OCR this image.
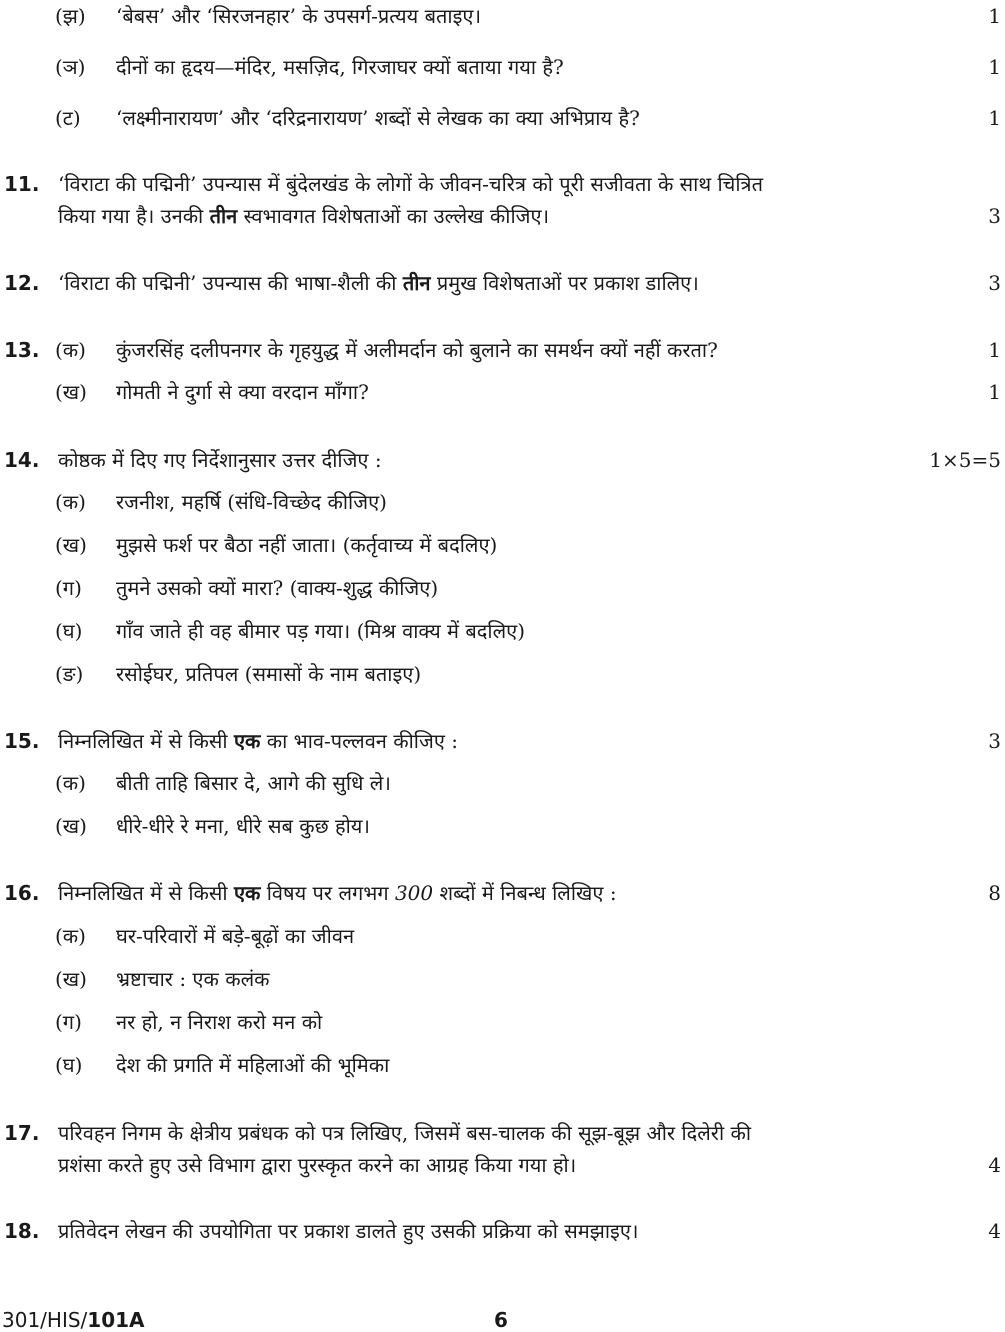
(झ)	‘बेबस’ और ‘सिरजनहार’ के उपसर्ग-प्रत्यय बताइए।	1
(ञ)	दीनों का हृदय—मंदिर, मसज़िद, गिरजाघर क्यों बताया गया है?	1
(ट)	‘लक्ष्मीनारायण’ और ‘दरिद्रनारायण’ शब्दों से लेखक का क्या अभिप्राय है?	1
11. ‘विराटा की पद्मिनी’ उपन्यास में बुंदेलखंड के लोगों के जीवन-चरित्र को पूरी सजीवता के साथ चित्रित
किया गया है। उनकी तीन स्वभावगत विशेषताओं का उल्लेख कीजिए।	3
12. ‘विराटा की पद्मिनी’ उपन्यास की भाषा-शैली की तीन प्रमुख विशेषताओं पर प्रकाश डालिए।	3
13. (क)	कुंजरसिंह दलीपनगर के गृहयुद्ध में अलीमर्दान को बुलाने का समर्थन क्यों नहीं करता?	1
(ख)	गोमती ने दुर्गा से क्या वरदान माँगा?	1
14. कोष्ठक में दिए गए निर्देशानुसार उत्तर दीजिए :	1×5=5
(क)	रजनीश, महर्षि (संधि-विच्छेद कीजिए)
(ख)	मुझसे फर्श पर बैठा नहीं जाता। (कर्तृवाच्य में बदलिए)
(ग)	तुमने उसको क्यों मारा? (वाक्य-शुद्ध कीजिए)
(घ)	गाँव जाते ही वह बीमार पड़ गया। (मिश्र वाक्य में बदलिए)
(ङ)	रसोईघर, प्रतिपल (समासों के नाम बताइए)
15. निम्नलिखित में से किसी एक का भाव-पल्लवन कीजिए :	3
(क)	बीती ताहि बिसार दे, आगे की सुधि ले।
(ख)	धीरे-धीरे रे मना, धीरे सब कुछ होय।
16. निम्नलिखित में से किसी एक विषय पर लगभग 300 शब्दों में निबन्ध लिखिए :	8
(क)	घर-परिवारों में बड़े-बूढ़ों का जीवन
(ख)	भ्रष्टाचार : एक कलंक
(ग)	नर हो, न निराश करो मन को
(घ)	देश की प्रगति में महिलाओं की भूमिका
17. परिवहन निगम के क्षेत्रीय प्रबंधक को पत्र लिखिए, जिसमें बस-चालक की सूझ-बूझ और दिलेरी की
प्रशंसा करते हुए उसे विभाग द्वारा पुरस्कृत करने का आग्रह किया गया हो।	4
18. प्रतिवेदन लेखन की उपयोगिता पर प्रकाश डालते हुए उसकी प्रक्रिया को समझाइए।	4
301/HIS/101A	6
